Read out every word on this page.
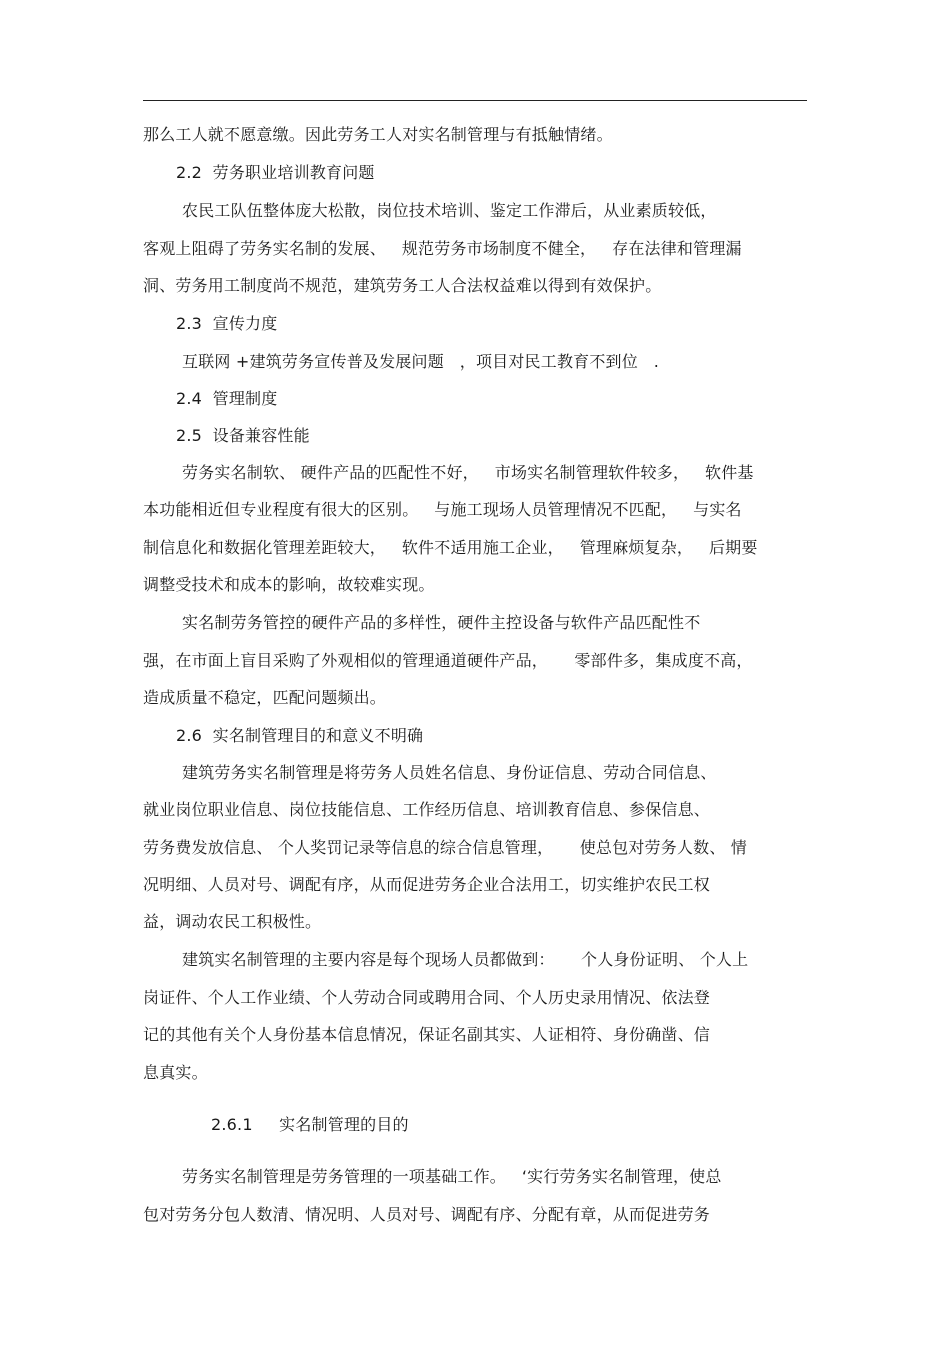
那么工人就不愿意缴。因此劳务工人对实名制管理与有抵触情绪。
2.2  劳务职业培训教育问题
农民工队伍整体庞大松散，岗位技术培训、鉴定工作滞后，从业素质较低，
客观上阻碍了劳务实名制的发展、   规范劳务市场制度不健全，   存在法律和管理漏
洞、劳务用工制度尚不规范，建筑劳务工人合法权益难以得到有效保护。
2.3  宣传力度
互联网 +建筑劳务宣传普及发展问题   ，项目对民工教育不到位   .
2.4  管理制度
2.5  设备兼容性能
劳务实名制软、 硬件产品的匹配性不好，   市场实名制管理软件较多，   软件基
本功能相近但专业程度有很大的区别。   与施工现场人员管理情况不匹配，   与实名
制信息化和数据化管理差距较大，   软件不适用施工企业，   管理麻烦复杂，   后期要
调整受技术和成本的影响，故较难实现。
实名制劳务管控的硬件产品的多样性，硬件主控设备与软件产品匹配性不
强，在市面上盲目采购了外观相似的管理通道硬件产品，     零部件多，集成度不高，
造成质量不稳定，匹配问题频出。
2.6  实名制管理目的和意义不明确
建筑劳务实名制管理是将劳务人员姓名信息、身份证信息、劳动合同信息、
就业岗位职业信息、岗位技能信息、工作经历信息、培训教育信息、参保信息、
劳务费发放信息、 个人奖罚记录等信息的综合信息管理，     使总包对劳务人数、 情
况明细、人员对号、调配有序，从而促进劳务企业合法用工，切实维护农民工权
益，调动农民工积极性。
建筑实名制管理的主要内容是每个现场人员都做到：     个人身份证明、 个人上
岗证件、个人工作业绩、个人劳动合同或聘用合同、个人历史录用情况、依法登
记的其他有关个人身份基本信息情况，保证名副其实、人证相符、身份确凿、信
息真实。
2.6.1     实名制管理的目的
劳务实名制管理是劳务管理的一项基础工作。   ‘实行劳务实名制管理，使总
包对劳务分包人数清、情况明、人员对号、调配有序、分配有章，从而促进劳务
